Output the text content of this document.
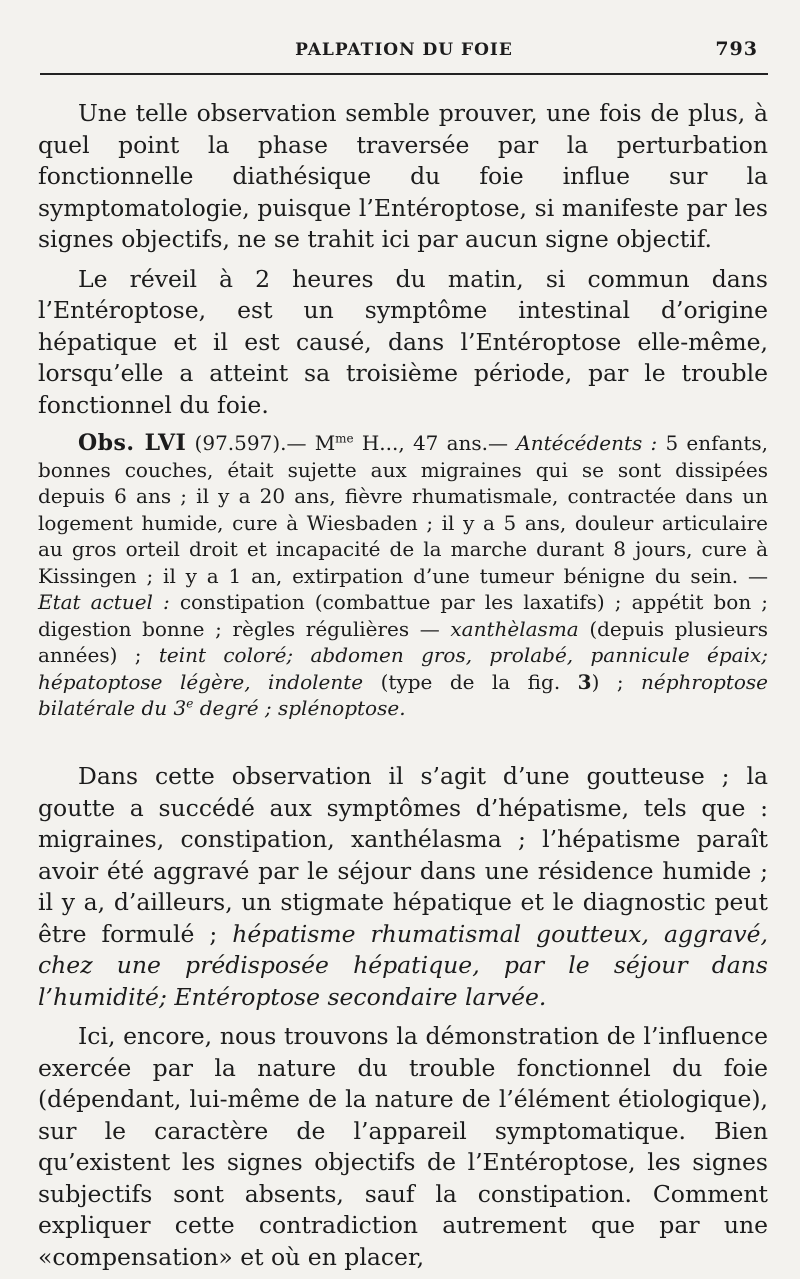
PALPATION DU FOIE	793

Une telle observation semble prouver, une fois de plus, à quel point la phase traversée par la perturbation fonctionnelle diathésique du foie influe sur la symptomatologie, puisque l’Entéroptose, si manifeste par les signes objectifs, ne se trahit ici par aucun signe objectif.

Le réveil à 2 heures du matin, si commun dans l’Entéroptose, est un symptôme intestinal d’origine hépatique et il est causé, dans l’Entéroptose elle-même, lorsqu’elle a atteint sa troisième période, par le trouble fonctionnel du foie.

Obs. LVI (97.597).— $M^{me}$ H..., 47 ans.— Antécédents : 5 enfants, bonnes couches, était sujette aux migraines qui se sont dissipées depuis 6 ans ; il y a 20 ans, fièvre rhumatismale, contractée dans un logement humide, cure à Wiesbaden ; il y a 5 ans, douleur articulaire au gros orteil droit et incapacité de la marche durant 8 jours, cure à Kissingen ; il y a 1 an, extirpation d’une tumeur bénigne du sein. — Etat actuel : constipation (combattue par les laxatifs) ; appétit bon ; digestion bonne ; règles régulières — xanthèlasma (depuis plusieurs années) ; teint coloré; abdomen gros, prolabé, pannicule épaix; hépatoptose légère, indolente (type de la fig. 3) ; néphroptose bilatérale du 3e degré ; splénoptose.

Dans cette observation il s’agit d’une goutteuse ; la goutte a succédé aux symptômes d’hépatisme, tels que : migraines, constipation, xanthélasma ; l’hépatisme paraît avoir été aggravé par le séjour dans une résidence humide ; il y a, d’ailleurs, un stigmate hépatique et le diagnostic peut être formulé ; hépatisme rhumatismal goutteux, aggravé, chez une prédisposée hépatique, par le séjour dans l’humidité; Entéroptose secondaire larvée.

Ici, encore, nous trouvons la démonstration de l’influence exercée par la nature du trouble fonctionnel du foie (dépendant, lui-même de la nature de l’élément étiologique), sur le caractère de l’appareil symptomatique. Bien qu’existent les signes objectifs de l’Entéroptose, les signes subjectifs sont absents, sauf la constipation. Comment expliquer cette contradiction autrement que par une «compensation» et où en placer,
